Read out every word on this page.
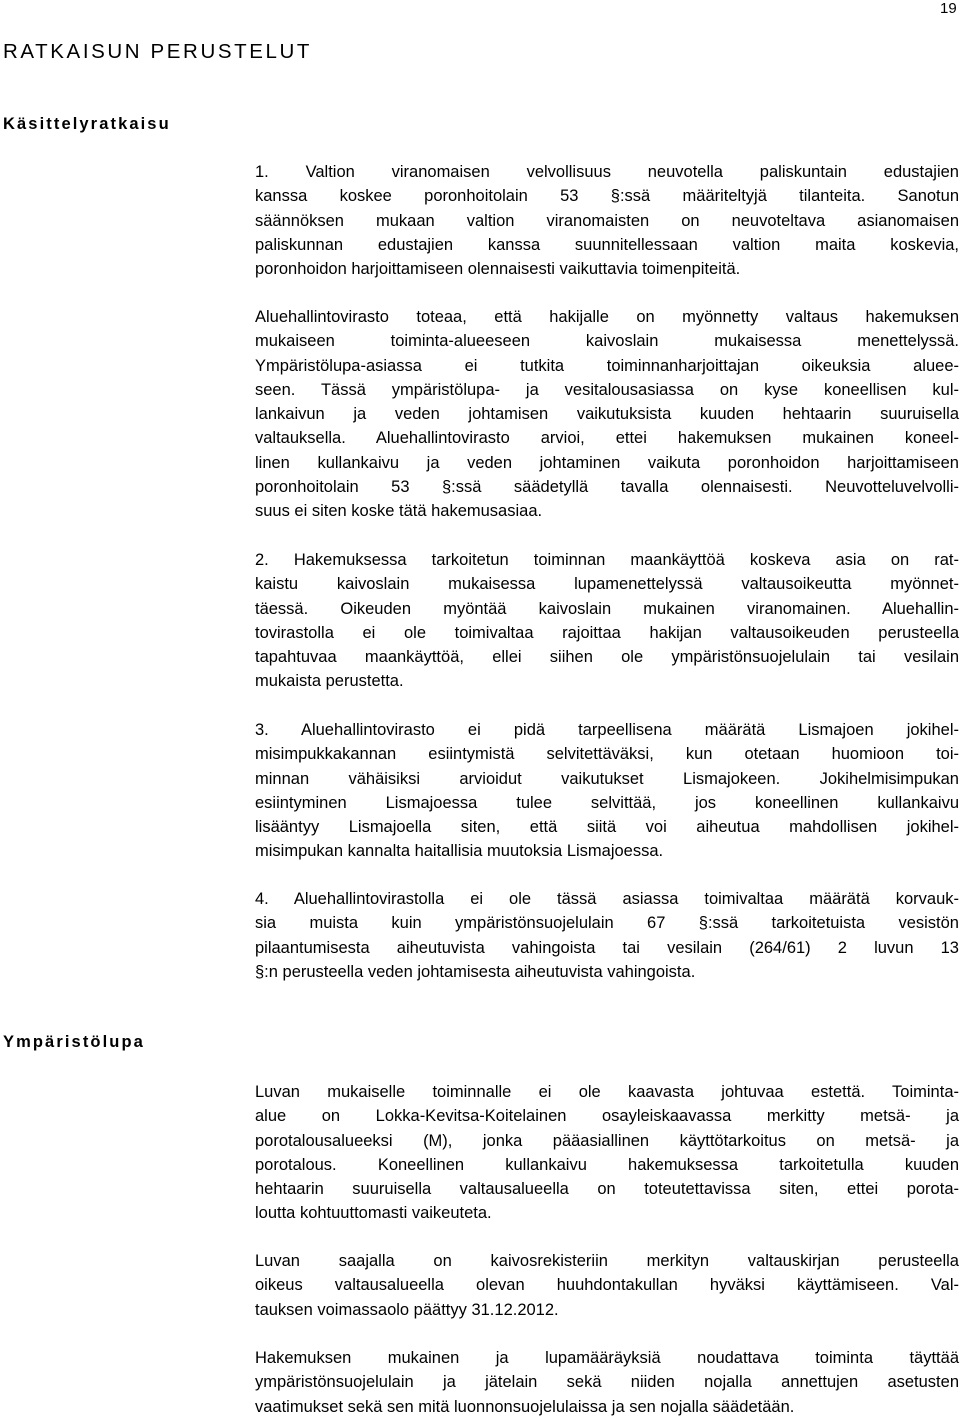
19
RATKAISUN PERUSTELUT
Käsittelyratkaisu
1. Valtion viranomaisen velvollisuus neuvotella paliskuntain edustajien
kanssa koskee poronhoitolain 53 §:ssä määriteltyjä tilanteita. Sanotun
säännöksen mukaan valtion viranomaisten on neuvoteltava asianomaisen
paliskunnan edustajien kanssa suunnitellessaan valtion maita koskevia,
poronhoidon harjoittamiseen olennaisesti vaikuttavia toimenpiteitä.
Aluehallintovirasto toteaa, että hakijalle on myönnetty valtaus hakemuksen
mukaiseen toiminta-alueeseen kaivoslain mukaisessa menettelyssä.
Ympäristölupa-asiassa ei tutkita toiminnanharjoittajan oikeuksia aluee-
seen. Tässä ympäristölupa- ja vesitalousasiassa on kyse koneellisen kul-
lankaivun ja veden johtamisen vaikutuksista kuuden hehtaarin suuruisella
valtauksella. Aluehallintovirasto arvioi, ettei hakemuksen mukainen koneel-
linen kullankaivu ja veden johtaminen vaikuta poronhoidon harjoittamiseen
poronhoitolain 53 §:ssä säädetyllä tavalla olennaisesti. Neuvotteluvelvolli-
suus ei siten koske tätä hakemusasiaa.
2. Hakemuksessa tarkoitetun toiminnan maankäyttöä koskeva asia on rat-
kaistu kaivoslain mukaisessa lupamenettelyssä valtausoikeutta myönnet-
täessä. Oikeuden myöntää kaivoslain mukainen viranomainen. Aluehallin-
tovirastolla ei ole toimivaltaa rajoittaa hakijan valtausoikeuden perusteella
tapahtuvaa maankäyttöä, ellei siihen ole ympäristönsuojelulain tai vesilain
mukaista perustetta.
3. Aluehallintovirasto ei pidä tarpeellisena määrätä Lismajoen jokihel-
misimpukkakannan esiintymistä selvitettäväksi, kun otetaan huomioon toi-
minnan vähäisiksi arvioidut vaikutukset Lismajokeen. Jokihelmisimpukan
esiintyminen Lismajoessa tulee selvittää, jos koneellinen kullankaivu
lisääntyy Lismajoella siten, että siitä voi aiheutua mahdollisen jokihel-
misimpukan kannalta haitallisia muutoksia Lismajoessa.
4. Aluehallintovirastolla ei ole tässä asiassa toimivaltaa määrätä korvauk-
sia muista kuin ympäristönsuojelulain 67 §:ssä tarkoitetuista vesistön
pilaantumisesta aiheutuvista vahingoista tai vesilain (264/61) 2 luvun 13
§:n perusteella veden johtamisesta aiheutuvista vahingoista.
Ympäristölupa
Luvan mukaiselle toiminnalle ei ole kaavasta johtuvaa estettä. Toiminta-
alue on Lokka-Kevitsa-Koitelainen osayleiskaavassa merkitty metsä- ja
porotalousalueeksi (M), jonka pääasiallinen käyttötarkoitus on metsä- ja
porotalous. Koneellinen kullankaivu hakemuksessa tarkoitetulla kuuden
hehtaarin suuruisella valtausalueella on toteutettavissa siten, ettei porota-
loutta kohtuuttomasti vaikeuteta.
Luvan saajalla on kaivosrekisteriin merkityn valtauskirjan perusteella
oikeus valtausalueella olevan huuhdontakullan hyväksi käyttämiseen. Val-
tauksen voimassaolo päättyy 31.12.2012.
Hakemuksen mukainen ja lupamääräyksiä noudattava toiminta täyttää
ympäristönsuojelulain ja jätelain sekä niiden nojalla annettujen asetusten
vaatimukset sekä sen mitä luonnonsuojelulaissa ja sen nojalla säädetään.
